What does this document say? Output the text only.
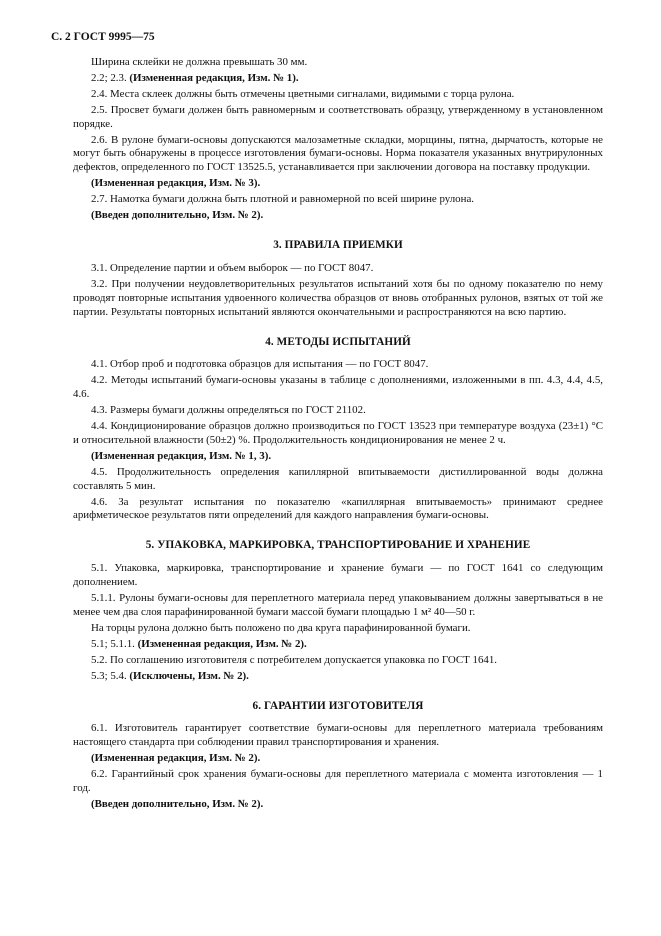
С. 2 ГОСТ 9995—75

Ширина склейки не должна превышать 30 мм.

2.2; 2.3. (Измененная редакция, Изм. № 1).

2.4. Места склеек должны быть отмечены цветными сигналами, видимыми с торца рулона.

2.5. Просвет бумаги должен быть равномерным и соответствовать образцу, утвержденному в установленном порядке.

2.6. В рулоне бумаги-основы допускаются малозаметные складки, морщины, пятна, дырчатость, которые не могут быть обнаружены в процессе изготовления бумаги-основы. Норма показателя указанных внутрирулонных дефектов, определенного по ГОСТ 13525.5, устанавливается при заключении договора на поставку продукции.

(Измененная редакция, Изм. № 3).

2.7. Намотка бумаги должна быть плотной и равномерной по всей ширине рулона.

(Введен дополнительно, Изм. № 2).

3. ПРАВИЛА ПРИЕМКИ

3.1. Определение партии и объем выборок — по ГОСТ 8047.

3.2. При получении неудовлетворительных результатов испытаний хотя бы по одному показателю по нему проводят повторные испытания удвоенного количества образцов от вновь отобранных рулонов, взятых от той же партии. Результаты повторных испытаний являются окончательными и распространяются на всю партию.

4. МЕТОДЫ ИСПЫТАНИЙ

4.1. Отбор проб и подготовка образцов для испытания — по ГОСТ 8047.

4.2. Методы испытаний бумаги-основы указаны в таблице с дополнениями, изложенными в пп. 4.3, 4.4, 4.5, 4.6.

4.3. Размеры бумаги должны определяться по ГОСТ 21102.

4.4. Кондиционирование образцов должно производиться по ГОСТ 13523 при температуре воздуха (23±1) °С и относительной влажности (50±2) %. Продолжительность кондиционирования не менее 2 ч.

(Измененная редакция, Изм. № 1, 3).

4.5. Продолжительность определения капиллярной впитываемости дистиллированной воды должна составлять 5 мин.

4.6. За результат испытания по показателю «капиллярная впитываемость» принимают среднее арифметическое результатов пяти определений для каждого направления бумаги-основы.

5. УПАКОВКА, МАРКИРОВКА, ТРАНСПОРТИРОВАНИЕ И ХРАНЕНИЕ

5.1. Упаковка, маркировка, транспортирование и хранение бумаги — по ГОСТ 1641 со следующим дополнением.

5.1.1. Рулоны бумаги-основы для переплетного материала перед упаковыванием должны завертываться в не менее чем два слоя парафинированной бумаги массой бумаги площадью 1 м² 40—50 г.

На торцы рулона должно быть положено по два круга парафинированной бумаги.

5.1; 5.1.1. (Измененная редакция, Изм. № 2).

5.2. По соглашению изготовителя с потребителем допускается упаковка по ГОСТ 1641.

5.3; 5.4. (Исключены, Изм. № 2).

6. ГАРАНТИИ ИЗГОТОВИТЕЛЯ

6.1. Изготовитель гарантирует соответствие бумаги-основы для переплетного материала требованиям настоящего стандарта при соблюдении правил транспортирования и хранения.

(Измененная редакция, Изм. № 2).

6.2. Гарантийный срок хранения бумаги-основы для переплетного материала с момента изготовления — 1 год.

(Введен дополнительно, Изм. № 2).
